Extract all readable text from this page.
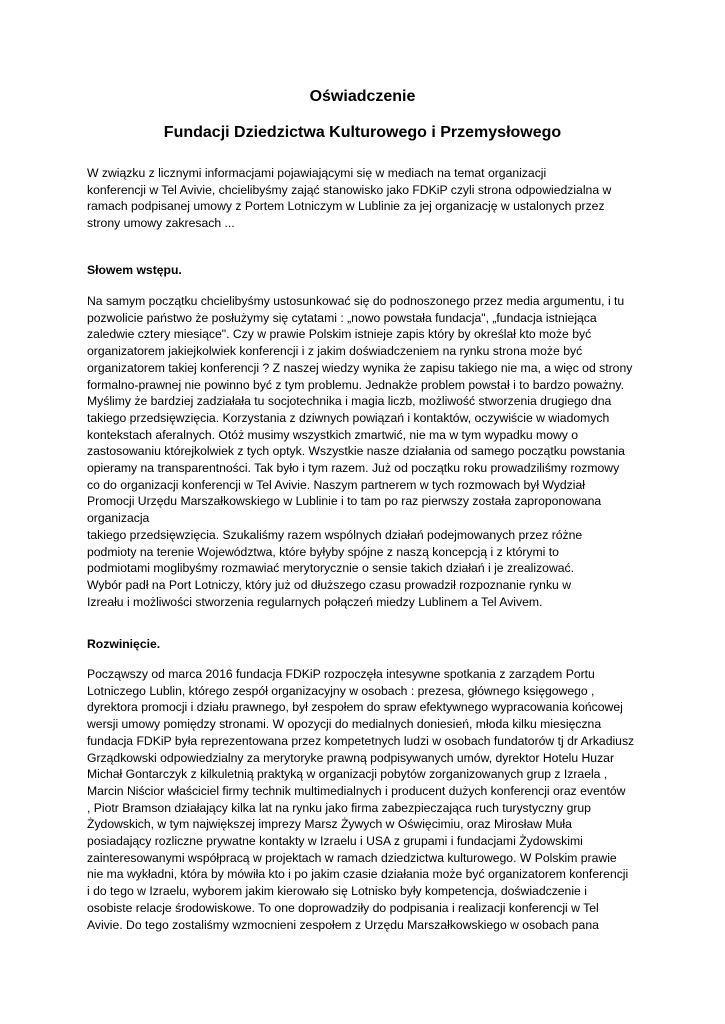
Oświadczenie
Fundacji Dziedzictwa Kulturowego i Przemysłowego
W związku z licznymi informacjami pojawiającymi się w mediach na temat organizacji
konferencji w Tel Avivie, chcielibyśmy zająć stanowisko jako FDKiP czyli strona odpowiedzialna w
ramach podpisanej umowy z Portem Lotniczym w Lublinie za jej organizację w ustalonych przez
strony umowy zakresach ...
Słowem wstępu.
Na samym początku chcielibyśmy ustosunkować się do podnoszonego przez media argumentu, i tu
pozwolicie państwo że posłużymy się cytatami : „nowo powstała fundacja", „fundacja istniejąca
zaledwie cztery miesiące". Czy w prawie Polskim istnieje zapis który by określał kto może być
organizatorem jakiejkolwiek konferencji i z jakim doświadczeniem na rynku strona może być
organizatorem takiej konferencji ? Z naszej wiedzy wynika że zapisu takiego nie ma, a więc od strony
formalno-prawnej nie powinno być z tym problemu. Jednakże problem powstał i to bardzo poważny.
Myślimy że bardziej zadziałała tu socjotechnika i magia liczb, możliwość stworzenia drugiego dna
takiego przedsięwzięcia. Korzystania z dziwnych powiązań i kontaktów, oczywiście w wiadomych
kontekstach aferalnych. Otóż musimy wszystkich zmartwić, nie ma w tym wypadku mowy o
zastosowaniu którejkolwiek z tych optyk. Wszystkie nasze działania od samego początku powstania
opieramy na transparentności. Tak było i tym razem. Już od początku roku prowadziliśmy rozmowy
co do organizacji konferencji w Tel Avivie. Naszym partnerem w tych rozmowach był Wydział
Promocji Urzędu Marszałkowskiego w Lublinie i to tam po raz pierwszy została zaproponowana
organizacja
takiego przedsięwzięcia. Szukaliśmy razem wspólnych działań podejmowanych przez różne
podmioty na terenie Województwa, które byłyby spójne z naszą koncepcją i z którymi to
podmiotami moglibyśmy rozmawiać merytorycznie o sensie takich działań i je zrealizować.
Wybór padł na Port Lotniczy, który już od dłuższego czasu prowadził rozpoznanie rynku w
Izreału i możliwości stworzenia regularnych połączeń miedzy Lublinem a Tel Avivem.
Rozwinięcie.
Począwszy od marca 2016 fundacja FDKiP rozpoczęła intesywne spotkania z zarządem Portu
Lotniczego Lublin, którego zespół organizacyjny w osobach : prezesa, głównego księgowego ,
dyrektora promocji i działu prawnego, był zespołem do spraw efektywnego wypracowania końcowej
wersji umowy pomiędzy stronami. W opozycji do medialnych doniesień, młoda kilku miesięczna
fundacja FDKiP była reprezentowana przez kompetetnych ludzi w osobach fundatorów tj dr Arkadiusz
Grządkowski odpowiedzialny za merytoryke prawną podpisywanych umów, dyrektor Hotelu Huzar
Michał Gontarczyk z kilkuletnią praktyką w organizacji pobytów zorganizowanych grup z Izraela ,
Marcin Niścior właściciel firmy technik multimedialnych i producent dużych konferencji oraz eventów
, Piotr Bramson działający kilka lat na rynku jako firma zabezpieczająca ruch turystyczny grup
Żydowskich, w tym największej imprezy Marsz Żywych w Oświęcimiu, oraz Mirosław Muła
posiadający rozliczne prywatne kontakty w Izraelu i USA z grupami i fundacjami Żydowskimi
zainteresowanymi współpracą w projektach w ramach dziedzictwa kulturowego. W Polskim prawie
nie ma wykładni, która by mówiła kto i po jakim czasie działania może być organizatorem konferencji
i do tego w Izraelu, wyborem jakim kierowało się Lotnisko były kompetencja, doświadczenie i
osobiste relacje środowiskowe. To one doprowadziły do podpisania i realizacji konferencji w Tel
Avivie. Do tego zostaliśmy wzmocnieni zespołem z Urzędu Marszałkowskiego w osobach pana
